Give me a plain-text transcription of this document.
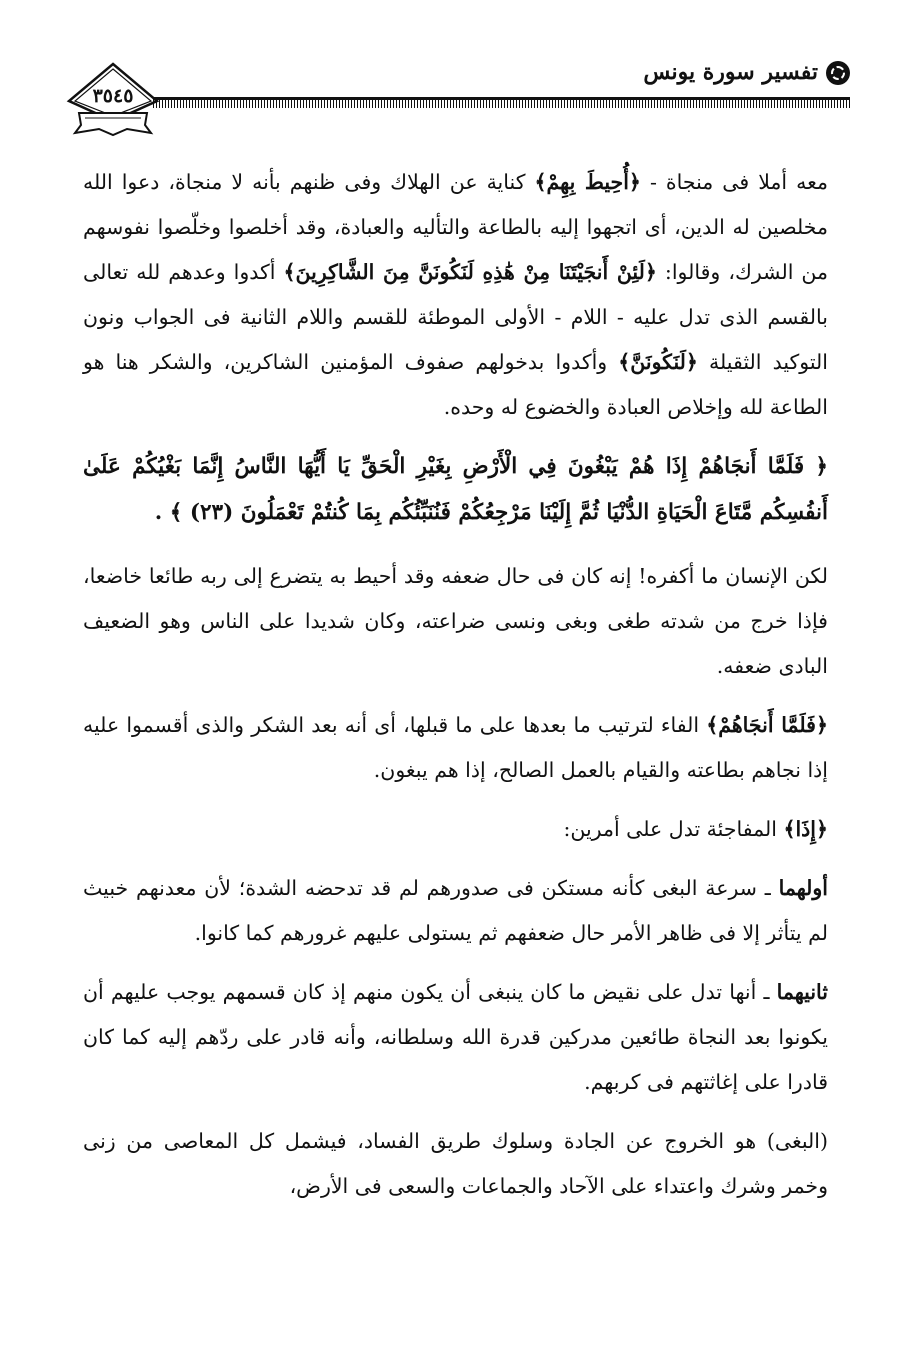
تفسير سورة يونس
٣٥٤٥

معه أملا فى منجاة - ﴿أُحِيطَ بِهِمْ﴾ كناية عن الهلاك وفى ظنهم بأنه لا منجاة، دعوا الله مخلصين له الدين، أى اتجهوا إليه بالطاعة والتأليه والعبادة، وقد أخلصوا وخلّصوا نفوسهم من الشرك، وقالوا: ﴿لَئِنْ أَنجَيْتَنَا مِنْ هَٰذِهِ لَنَكُونَنَّ مِنَ الشَّاكِرِينَ﴾ أكدوا وعدهم لله تعالى بالقسم الذى تدل عليه - اللام - الأولى الموطئة للقسم واللام الثانية فى الجواب ونون التوكيد الثقيلة ﴿لَنَكُونَنَّ﴾ وأكدوا بدخولهم صفوف المؤمنين الشاكرين، والشكر هنا هو الطاعة لله وإخلاص العبادة والخضوع له وحده.

﴿ فَلَمَّا أَنجَاهُمْ إِذَا هُمْ يَبْغُونَ فِي الْأَرْضِ بِغَيْرِ الْحَقِّ يَا أَيُّهَا النَّاسُ إِنَّمَا بَغْيُكُمْ عَلَىٰ أَنفُسِكُم مَّتَاعَ الْحَيَاةِ الدُّنْيَا ثُمَّ إِلَيْنَا مَرْجِعُكُمْ فَنُنَبِّئُكُم بِمَا كُنتُمْ تَعْمَلُونَ (٢٣) ﴾ .

لكن الإنسان ما أكفره! إنه كان فى حال ضعفه وقد أحيط به يتضرع إلى ربه طائعا خاضعا، فإذا خرج من شدته طغى وبغى ونسى ضراعته، وكان شديدا على الناس وهو الضعيف البادى ضعفه.

﴿فَلَمَّا أَنجَاهُمْ﴾ الفاء لترتيب ما بعدها على ما قبلها، أى أنه بعد الشكر والذى أقسموا عليه إذا نجاهم بطاعته والقيام بالعمل الصالح، إذا هم يبغون.

﴿إِذَا﴾ المفاجئة تدل على أمرين:

أولهما ـ سرعة البغى كأنه مستكن فى صدورهم لم قد تدحضه الشدة؛ لأن معدنهم خبيث لم يتأثر إلا فى ظاهر الأمر حال ضعفهم ثم يستولى عليهم غرورهم كما كانوا.

ثانيهما ـ أنها تدل على نقيض ما كان ينبغى أن يكون منهم إذ كان قسمهم يوجب عليهم أن يكونوا بعد النجاة طائعين مدركين قدرة الله وسلطانه، وأنه قادر على ردّهم إليه كما كان قادرا على إغاثتهم فى كربهم.

(البغى) هو الخروج عن الجادة وسلوك طريق الفساد، فيشمل كل المعاصى من زنى وخمر وشرك واعتداء على الآحاد والجماعات والسعى فى الأرض،
